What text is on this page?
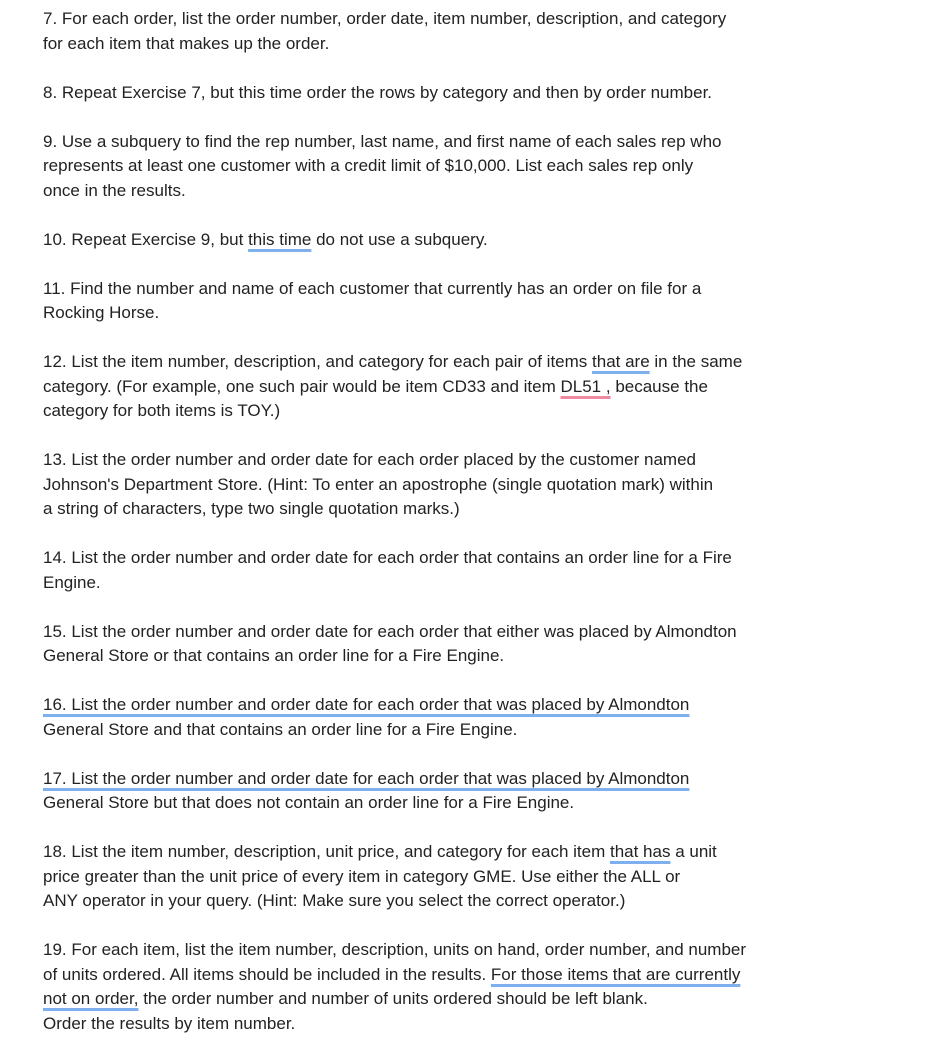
7. For each order, list the order number, order date, item number, description, and category
for each item that makes up the order.
8. Repeat Exercise 7, but this time order the rows by category and then by order number.
9. Use a subquery to find the rep number, last name, and first name of each sales rep who
represents at least one customer with a credit limit of $10,000. List each sales rep only
once in the results.
10. Repeat Exercise 9, but this time do not use a subquery.
11. Find the number and name of each customer that currently has an order on file for a
Rocking Horse.
12. List the item number, description, and category for each pair of items that are in the same
category. (For example, one such pair would be item CD33 and item DL51 , because the
category for both items is TOY.)
13. List the order number and order date for each order placed by the customer named
Johnson's Department Store. (Hint: To enter an apostrophe (single quotation mark) within
a string of characters, type two single quotation marks.)
14. List the order number and order date for each order that contains an order line for a Fire
Engine.
15. List the order number and order date for each order that either was placed by Almondton
General Store or that contains an order line for a Fire Engine.
16. List the order number and order date for each order that was placed by Almondton
General Store and that contains an order line for a Fire Engine.
17. List the order number and order date for each order that was placed by Almondton
General Store but that does not contain an order line for a Fire Engine.
18. List the item number, description, unit price, and category for each item that has a unit
price greater than the unit price of every item in category GME. Use either the ALL or
ANY operator in your query. (Hint: Make sure you select the correct operator.)
19. For each item, list the item number, description, units on hand, order number, and number
of units ordered. All items should be included in the results. For those items that are currently
not on order, the order number and number of units ordered should be left blank.
Order the results by item number.
